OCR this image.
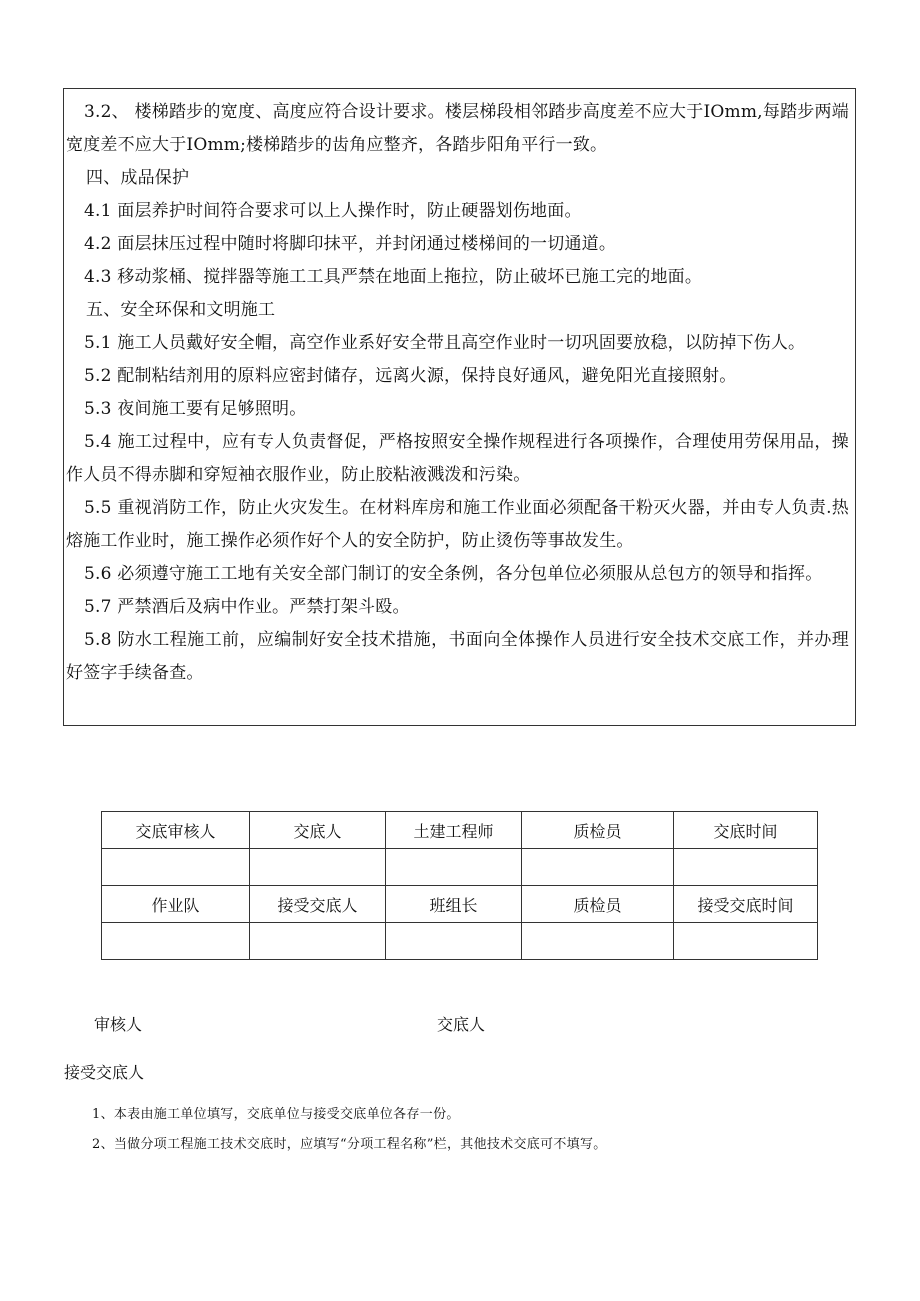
3.2、 楼梯踏步的宽度、高度应符合设计要求。楼层梯段相邻踏步高度差不应大于IOmm,每踏步两端宽度差不应大于IOmm;楼梯踏步的齿角应整齐，各踏步阳角平行一致。

四、成品保护

4.1 面层养护时间符合要求可以上人操作时，防止硬器划伤地面。

4.2 面层抹压过程中随时将脚印抹平，并封闭通过楼梯间的一切通道。

4.3 移动浆桶、搅拌器等施工工具严禁在地面上拖拉，防止破坏已施工完的地面。

五、安全环保和文明施工

5.1 施工人员戴好安全帽，高空作业系好安全带且高空作业时一切巩固要放稳，以防掉下伤人。

5.2 配制粘结剂用的原料应密封储存，远离火源，保持良好通风，避免阳光直接照射。

5.3 夜间施工要有足够照明。

5.4 施工过程中，应有专人负责督促，严格按照安全操作规程进行各项操作，合理使用劳保用品，操作人员不得赤脚和穿短袖衣服作业，防止胶粘液溅泼和污染。

5.5 重视消防工作，防止火灾发生。在材料库房和施工作业面必须配备干粉灭火器，并由专人负责.热熔施工作业时，施工操作必须作好个人的安全防护，防止烫伤等事故发生。

5.6 必须遵守施工工地有关安全部门制订的安全条例，各分包单位必须服从总包方的领导和指挥。

5.7 严禁酒后及病中作业。严禁打架斗殴。

5.8 防水工程施工前，应编制好安全技术措施，书面向全体操作人员进行安全技术交底工作，并办理好签字手续备查。

交底审核人	交底人	土建工程师	质检员	交底时间

作业队	接受交底人	班组长	质检员	接受交底时间

审核人	交底人
接受交底人
1、本表由施工单位填写，交底单位与接受交底单位各存一份。
2、当做分项工程施工技术交底时，应填写“分项工程名称”栏，其他技术交底可不填写。
